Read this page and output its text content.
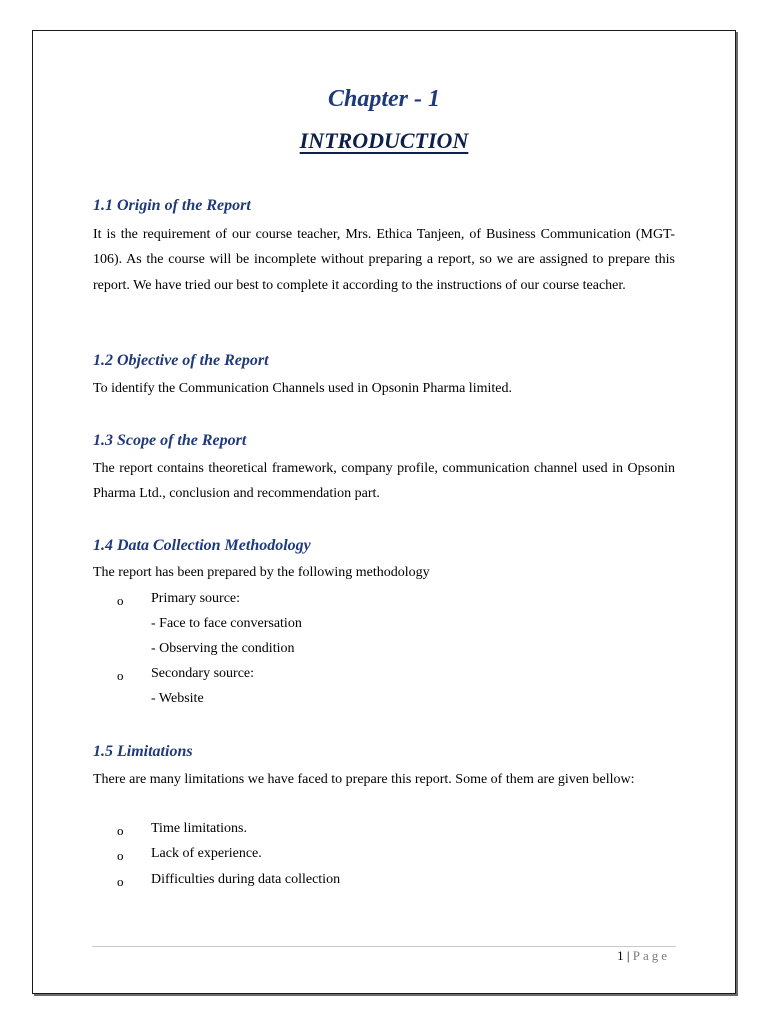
Chapter - 1
INTRODUCTION
1.1 Origin of the Report
It is the requirement of our course teacher, Mrs. Ethica Tanjeen, of Business Communication (MGT-106). As the course will be incomplete without preparing a report, so we are assigned to prepare this report. We have tried our best to complete it according to the instructions of our course teacher.
1.2 Objective of the Report
To identify the Communication Channels used in Opsonin Pharma limited.
1.3 Scope of the Report
The report contains theoretical framework, company profile, communication channel used in Opsonin Pharma Ltd., conclusion and recommendation part.
1.4 Data Collection Methodology
The report has been prepared by the following methodology
o Primary source:
- Face to face conversation
- Observing the condition
o Secondary source:
- Website
1.5 Limitations
There are many limitations we have faced to prepare this report. Some of them are given bellow:
o Time limitations.
o Lack of experience.
o Difficulties during data collection
1 | Page
